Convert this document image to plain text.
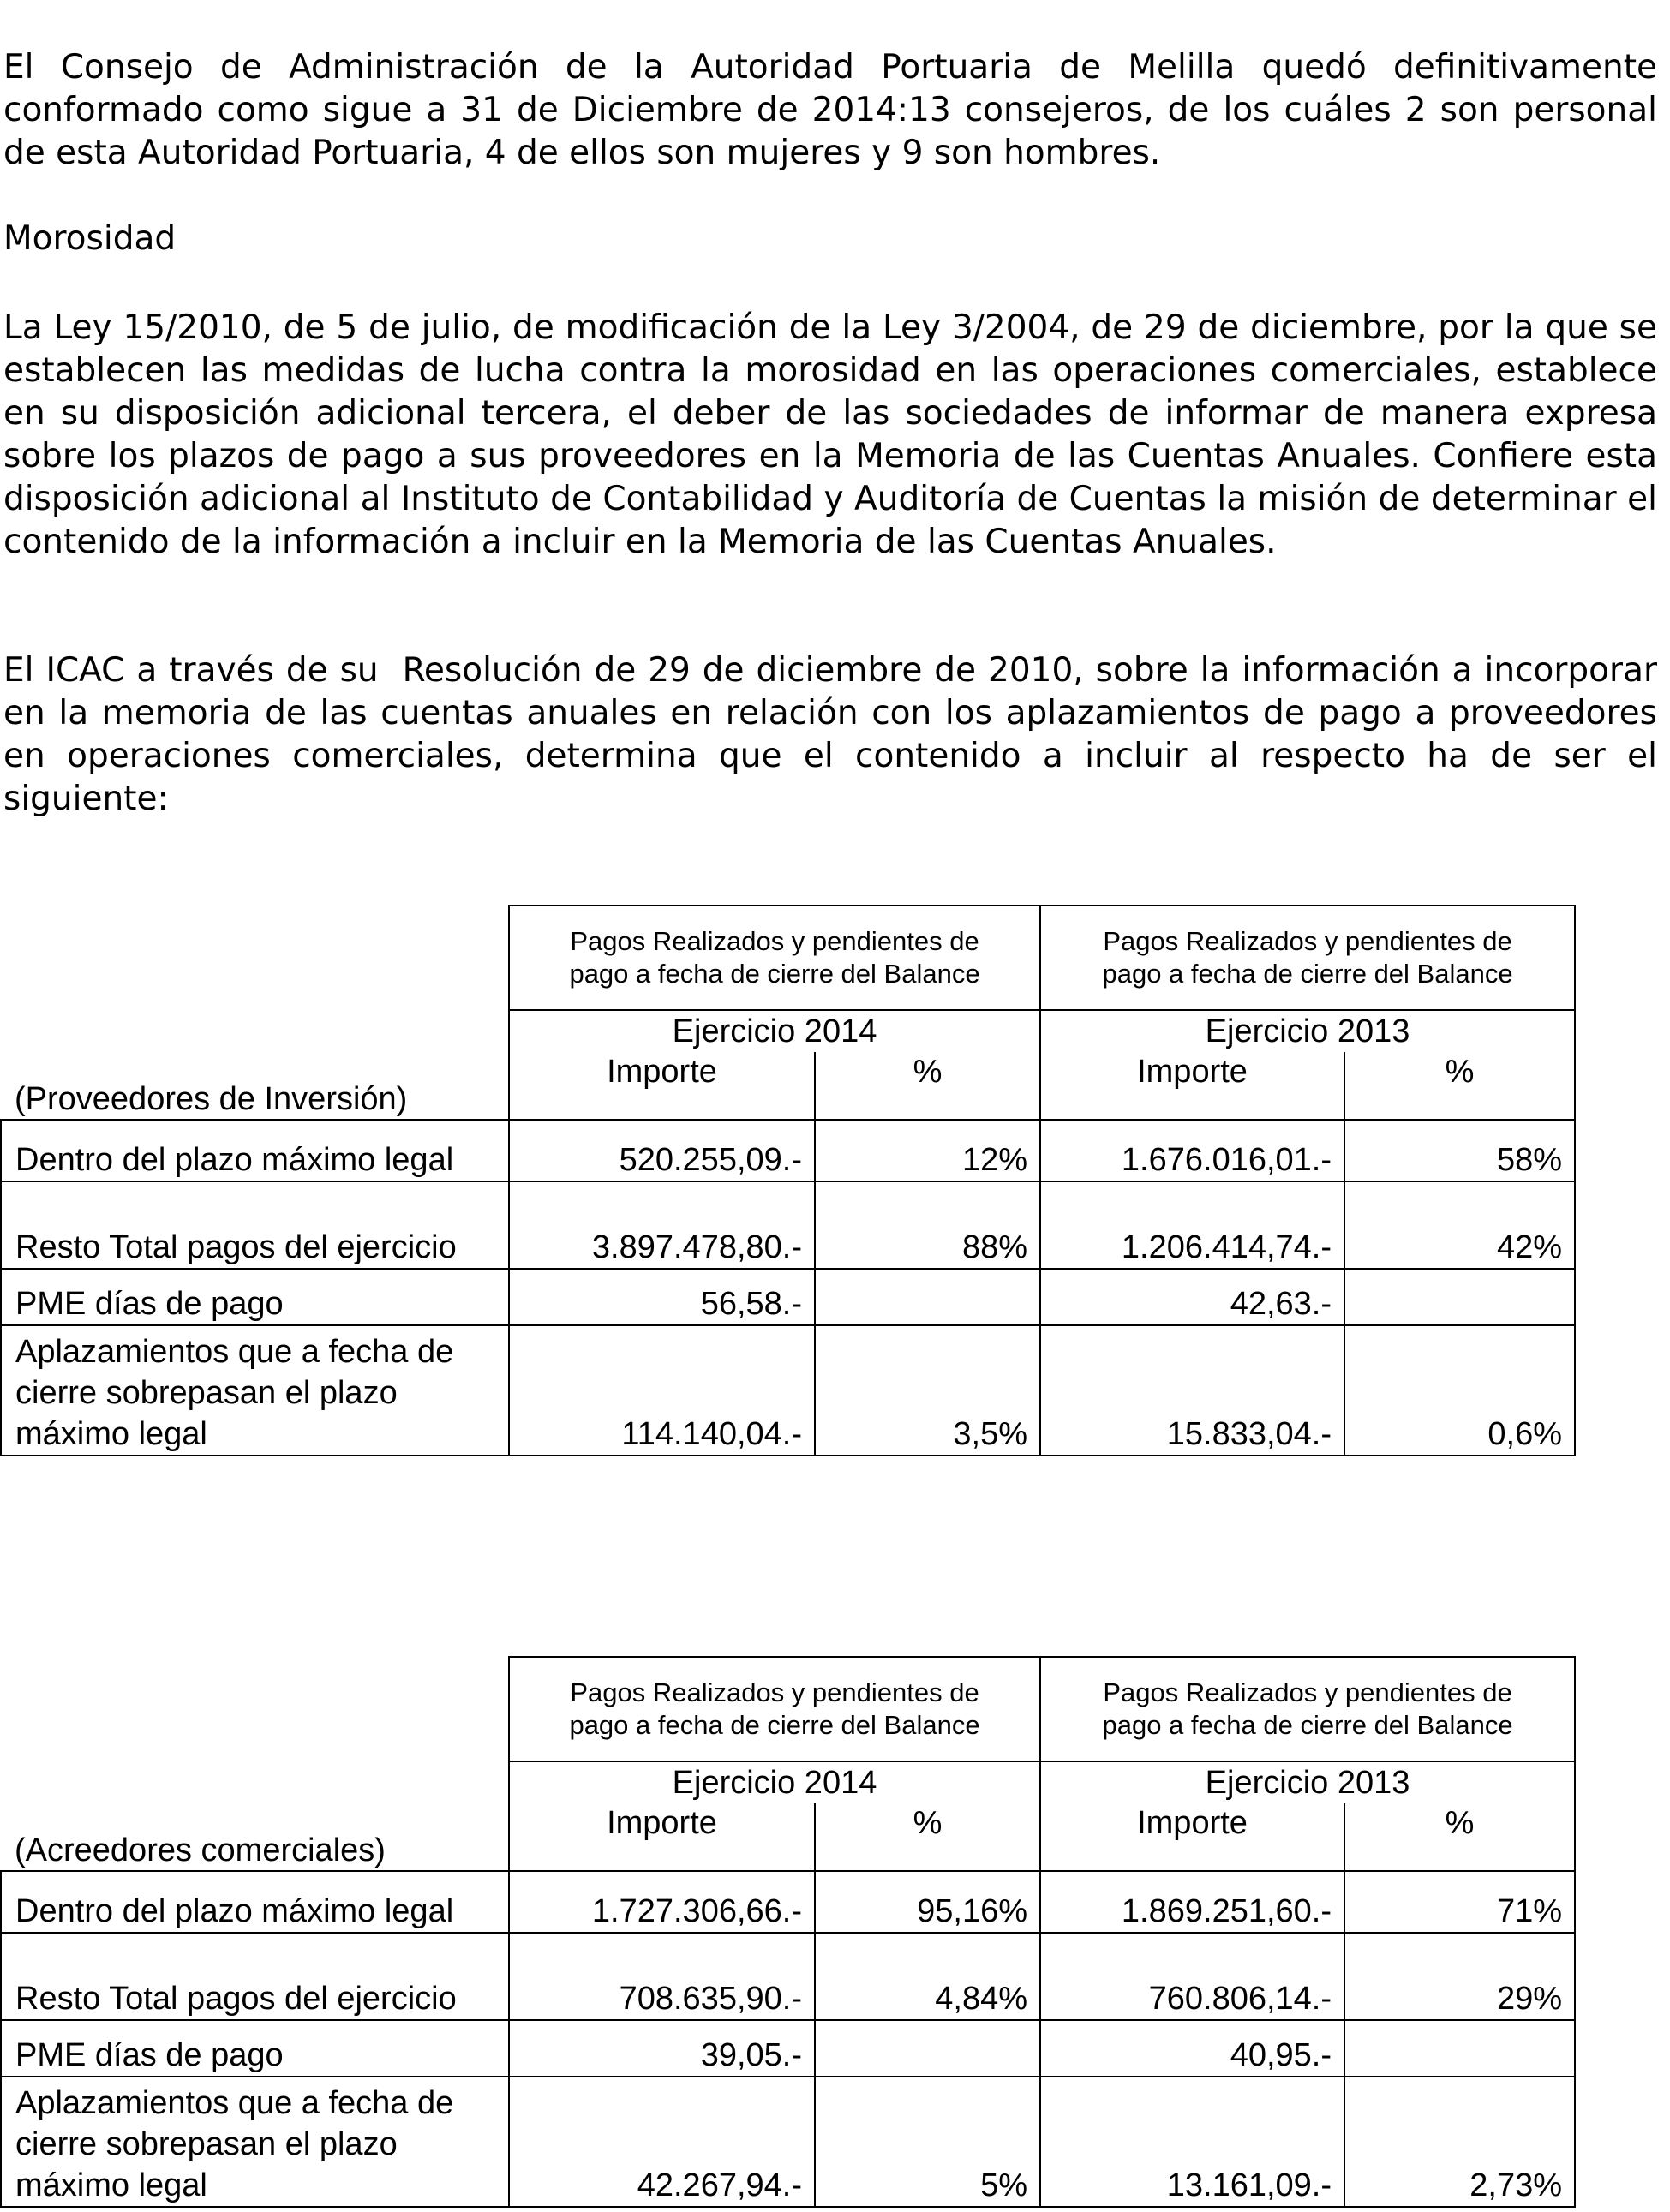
El Consejo de Administración de la Autoridad Portuaria de Melilla quedó definitivamente conformado como sigue a 31 de Diciembre de 2014:13 consejeros, de los cuáles 2 son personal de esta Autoridad Portuaria, 4 de ellos son mujeres y 9 son hombres.

Morosidad

La Ley 15/2010, de 5 de julio, de modificación de la Ley 3/2004, de 29 de diciembre, por la que se establecen las medidas de lucha contra la morosidad en las operaciones comerciales, establece en su disposición adicional tercera, el deber de las sociedades de informar de manera expresa sobre los plazos de pago a sus proveedores en la Memoria de las Cuentas Anuales. Confiere esta disposición adicional al Instituto de Contabilidad y Auditoría de Cuentas la misión de determinar el contenido de la información a incluir en la Memoria de las Cuentas Anuales.

El ICAC a través de su  Resolución de 29 de diciembre de 2010, sobre la información a incorporar en la memoria de las cuentas anuales en relación con los aplazamientos de pago a proveedores en operaciones comerciales, determina que el contenido a incluir al respecto ha de ser el siguiente:

	Pagos Realizados y pendientes de pago a fecha de cierre del Balance		Pagos Realizados y pendientes de pago a fecha de cierre del Balance	
	Ejercicio 2014		Ejercicio 2013	
(Proveedores de Inversión)	Importe	%	Importe	%
Dentro del plazo máximo legal	520.255,09.-	12%	1.676.016,01.-	58%
Resto Total pagos del ejercicio	3.897.478,80.-	88%	1.206.414,74.-	42%
PME días de pago	56,58.-		42,63.-	
Aplazamientos que a fecha de cierre sobrepasan el plazo máximo legal	114.140,04.-	3,5%	15.833,04.-	0,6%
	Pagos Realizados y pendientes de pago a fecha de cierre del Balance		Pagos Realizados y pendientes de pago a fecha de cierre del Balance	
	Ejercicio 2014		Ejercicio 2013	
(Acreedores comerciales)	Importe	%	Importe	%
Dentro del plazo máximo legal	1.727.306,66.-	95,16%	1.869.251,60.-	71%
Resto Total pagos del ejercicio	708.635,90.-	4,84%	760.806,14.-	29%
PME días de pago	39,05.-		40,95.-	
Aplazamientos que a fecha de cierre sobrepasan el plazo máximo legal	42.267,94.-	5%	13.161,09.-	2,73%
